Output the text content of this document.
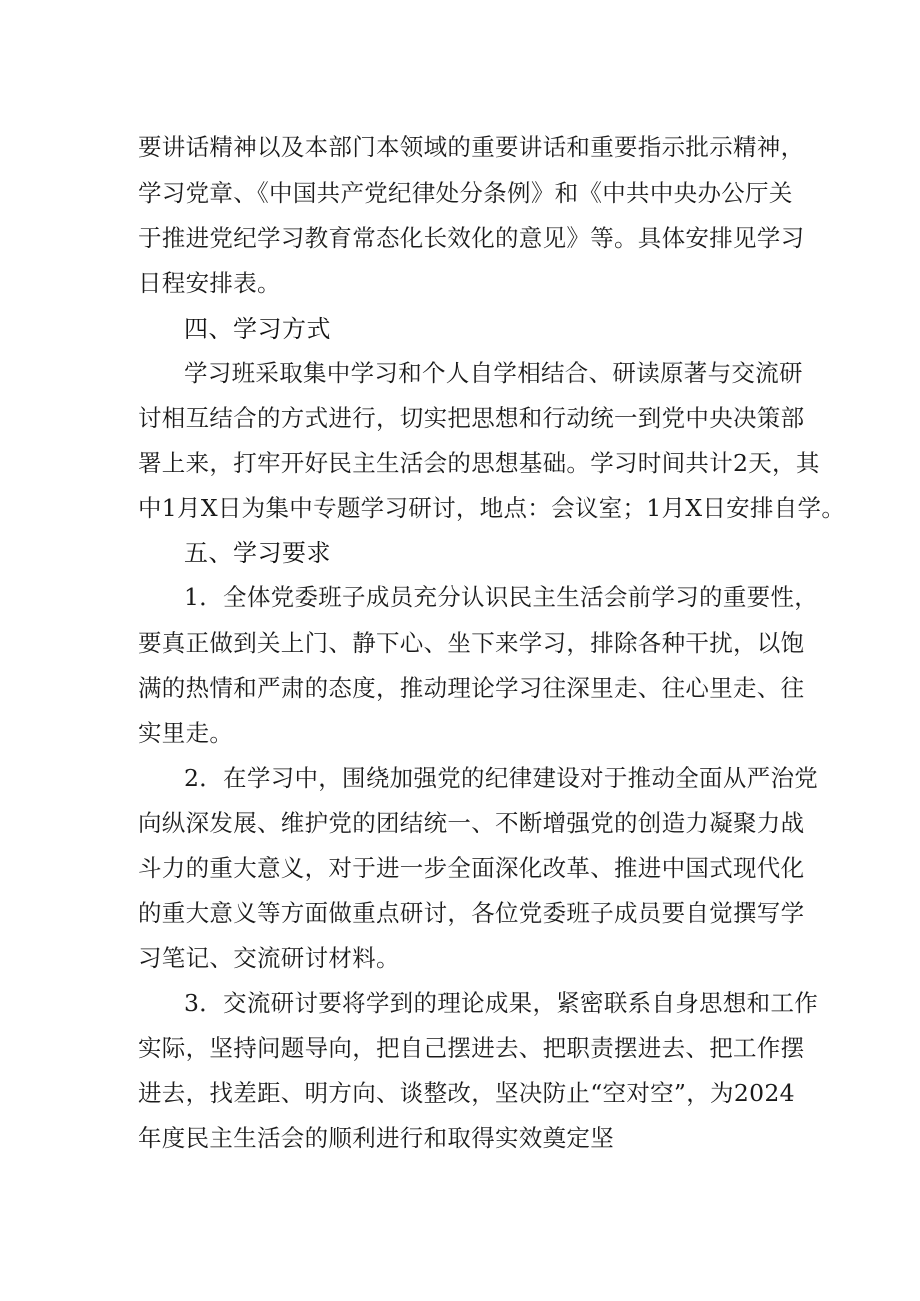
要讲话精神以及本部门本领域的重要讲话和重要指示批示精神，
学习党章、《中国共产党纪律处分条例》和《中共中央办公厅关
于推进党纪学习教育常态化长效化的意见》等。具体安排见学习
日程安排表。
四、学习方式
学习班采取集中学习和个人自学相结合、研读原著与交流研
讨相互结合的方式进行，切实把思想和行动统一到党中央决策部
署上来，打牢开好民主生活会的思想基础。学习时间共计2天，其
中1月X日为集中专题学习研讨，地点：会议室；1月X日安排自学。
五、学习要求
1．全体党委班子成员充分认识民主生活会前学习的重要性，
要真正做到关上门、静下心、坐下来学习，排除各种干扰，以饱
满的热情和严肃的态度，推动理论学习往深里走、往心里走、往
实里走。
2．在学习中，围绕加强党的纪律建设对于推动全面从严治党
向纵深发展、维护党的团结统一、不断增强党的创造力凝聚力战
斗力的重大意义，对于进一步全面深化改革、推进中国式现代化
的重大意义等方面做重点研讨，各位党委班子成员要自觉撰写学
习笔记、交流研讨材料。
3．交流研讨要将学到的理论成果，紧密联系自身思想和工作
实际，坚持问题导向，把自己摆进去、把职责摆进去、把工作摆
进去，找差距、明方向、谈整改，坚决防止“空对空”，为2024
年度民主生活会的顺利进行和取得实效奠定坚
